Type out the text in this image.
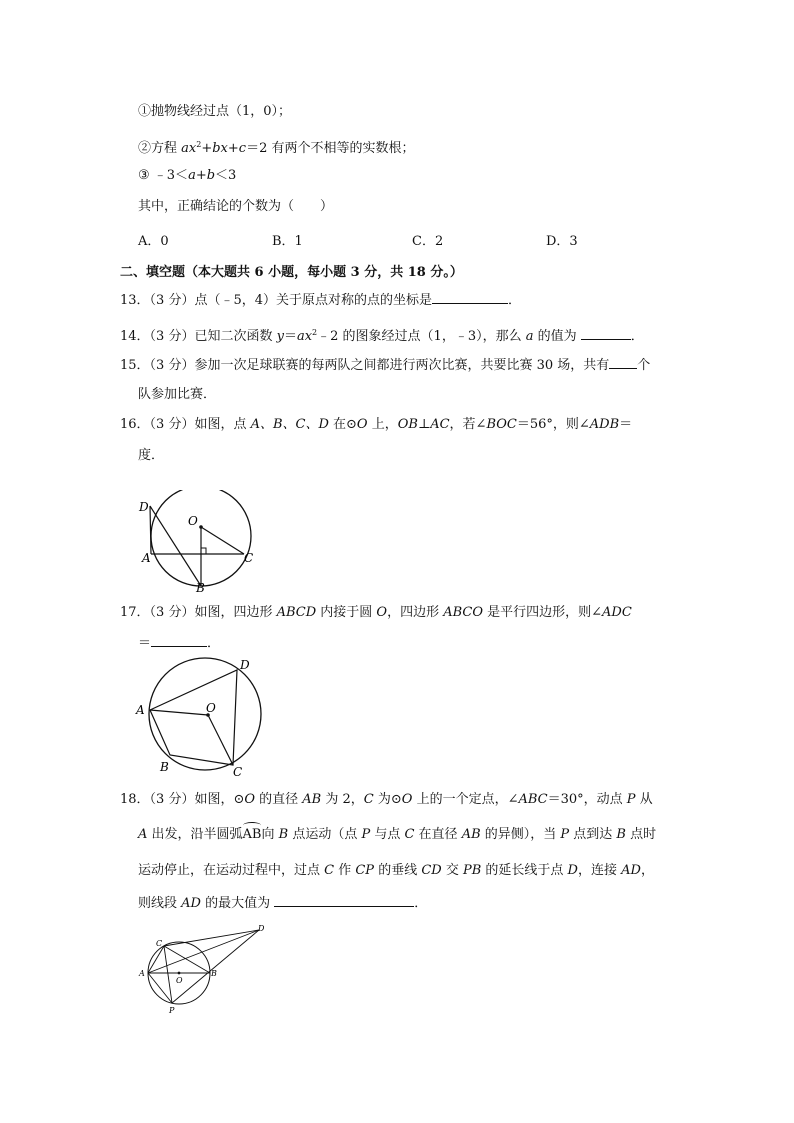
①抛物线经过点（1，0）；
②方程 $ax^2+bx+c=2$ 有两个不相等的实数根；
③ ﹣3＜a+b＜3
其中，正确结论的个数为（　　）
A．0	B．1	C．2	D．3
二、填空题（本大题共 6 小题，每小题 3 分，共 18 分。）
13．（3 分）点（﹣5，4）关于原点对称的点的坐标是	．
14．（3 分）已知二次函数 $y=ax^2﹣2$ 的图象经过点（1，﹣3），那么 a 的值为	．
15．（3 分）参加一次足球联赛的每两队之间都进行两次比赛，共要比赛 30 场，共有 个
队参加比赛．
16．（3 分）如图，点 A、B、C、D 在⊙O 上，OB⊥AC，若∠BOC＝56°，则∠ADB＝
度．
D
O
A	C
B
17．（3 分）如图，四边形 ABCD 内接于圆 O，四边形 ABCO 是平行四边形，则∠ADC
＝	．
D
A	O
B	C
18．（3 分）如图，⊙O 的直径 AB 为 2，C 为⊙O 上的一个定点，∠ABC＝30°，动点 P 从
A 出发，沿半圆弧AB向 B 点运动（点 P 与点 C 在直径 AB 的异侧），当 P 点到达 B 点时
运动停止，在运动过程中，过点 C 作 CP 的垂线 CD 交 PB 的延长线于点 D，连接 AD，
则线段 AD 的最大值为	．
D
C
A
O
B
P
